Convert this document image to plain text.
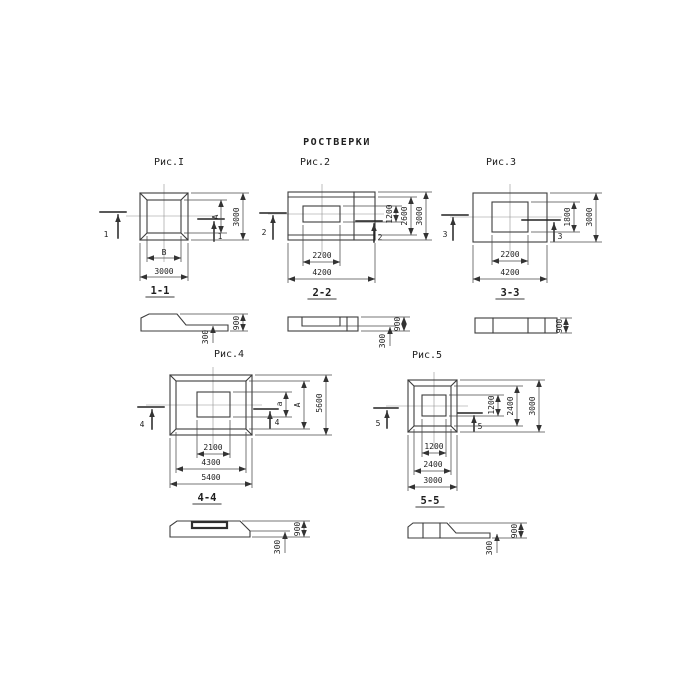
РОСТВЕРКИ
Рис.I
1	1
В
3000
А 3000
1-1
900
300
Рис.2
2
2
1200 2600 3000
2200
4200
2-2
900
300
Рис.3
3	3
1800 3000
2200
4200
3-3
900
Рис.4
4	4
а А 5600
2100
4300
5400
4-4
900
300
Рис.5
5	5
1200 2400 3000
1200
2400
3000
5-5
900
300
